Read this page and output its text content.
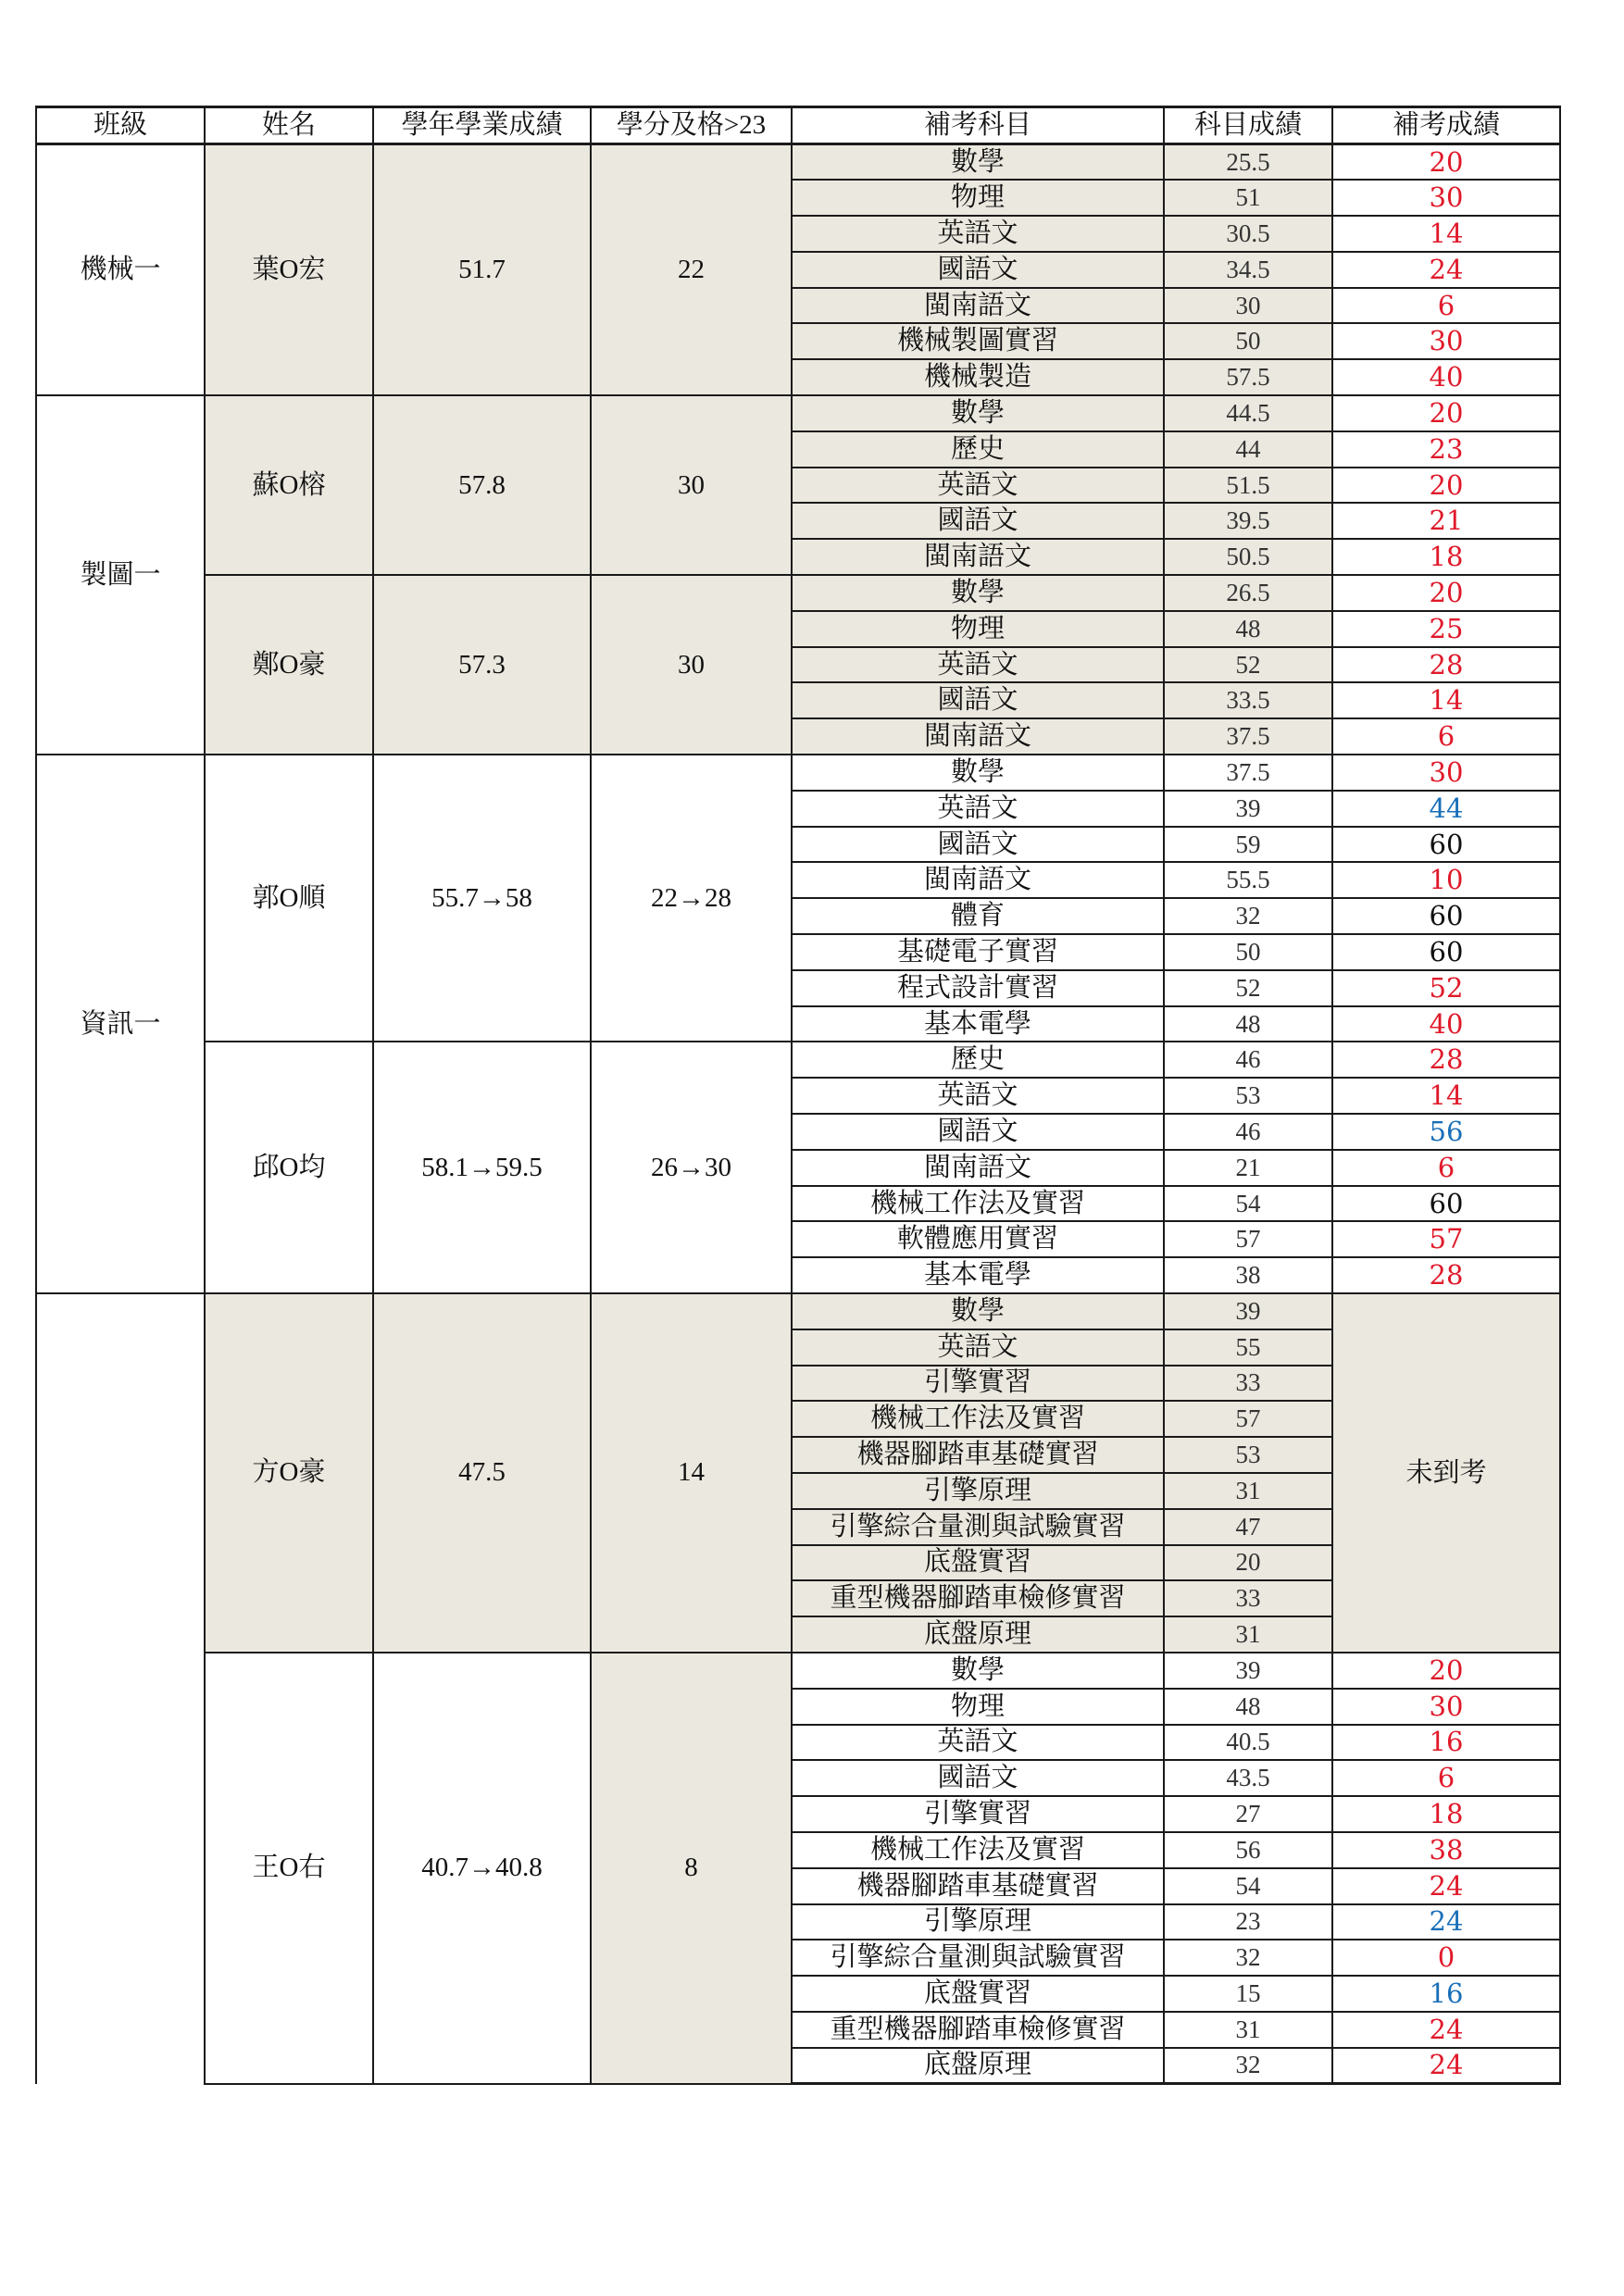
班級	姓名	學年學業成績	學分及格>23	補考科目	科目成績	補考成績
機械一	葉O宏	51.7	22	數學	25.5	20
				物理	51	30
				英語文	30.5	14
				國語文	34.5	24
				閩南語文	30	6
				機械製圖實習	50	30
				機械製造	57.5	40
製圖一	蘇O榕	57.8	30	數學	44.5	20
				歷史	44	23
				英語文	51.5	20
				國語文	39.5	21
				閩南語文	50.5	18
	鄭O豪	57.3	30	數學	26.5	20
				物理	48	25
				英語文	52	28
				國語文	33.5	14
				閩南語文	37.5	6
資訊一	郭O順	55.7→58	22→28	數學	37.5	30
				英語文	39	44
				國語文	59	60
				閩南語文	55.5	10
				體育	32	60
				基礎電子實習	50	60
				程式設計實習	52	52
				基本電學	48	40
	邱O均	58.1→59.5	26→30	歷史	46	28
				英語文	53	14
				國語文	46	56
				閩南語文	21	6
				機械工作法及實習	54	60
				軟體應用實習	57	57
				基本電學	38	28
	方O豪	47.5	14	數學	39	未到考
				英語文	55	
				引擎實習	33	
				機械工作法及實習	57	
				機器腳踏車基礎實習	53	
				引擎原理	31	
				引擎綜合量測與試驗實習	47	
				底盤實習	20	
				重型機器腳踏車檢修實習	33	
				底盤原理	31	
	王O右	40.7→40.8	8	數學	39	20
				物理	48	30
				英語文	40.5	16
				國語文	43.5	6
				引擎實習	27	18
				機械工作法及實習	56	38
				機器腳踏車基礎實習	54	24
				引擎原理	23	24
				引擎綜合量測與試驗實習	32	0
				底盤實習	15	16
				重型機器腳踏車檢修實習	31	24
				底盤原理	32	24
